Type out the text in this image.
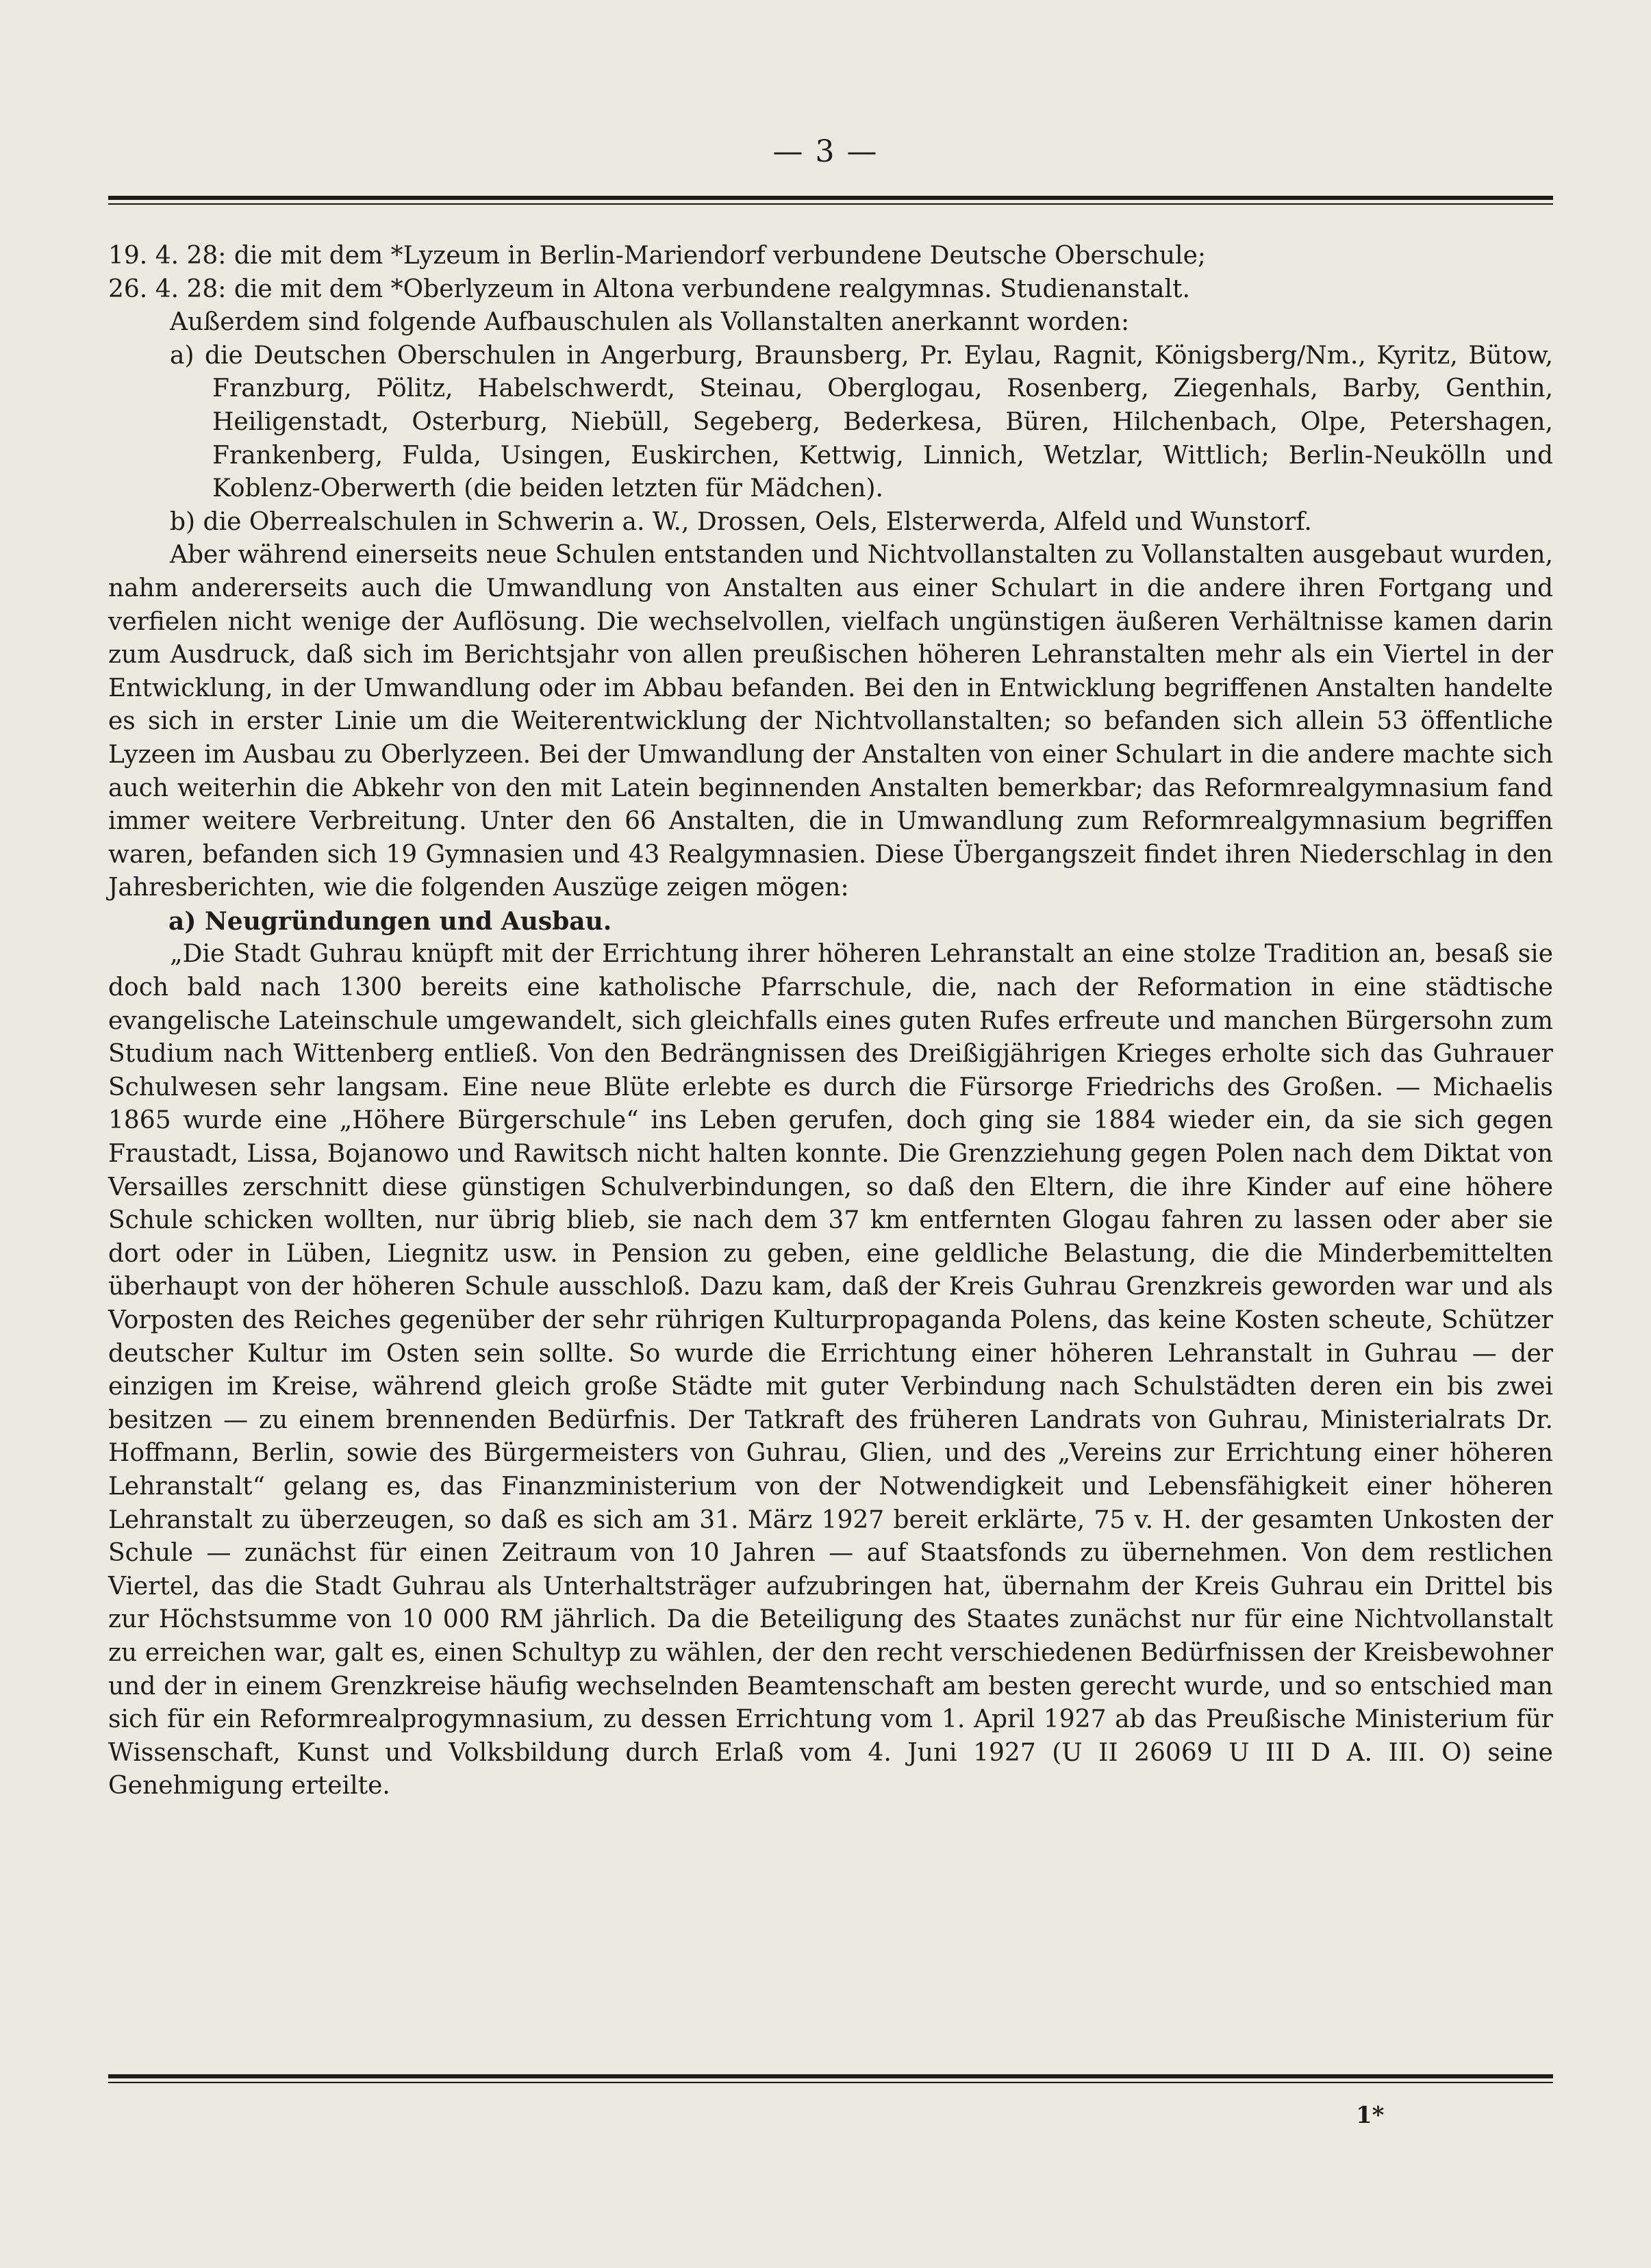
— 3 —

19. 4. 28: die mit dem *Lyzeum in Berlin-Mariendorf verbundene Deutsche Oberschule;

26. 4. 28: die mit dem *Oberlyzeum in Altona verbundene realgymnas. Studienanstalt.

Außerdem sind folgende Aufbauschulen als Vollanstalten anerkannt worden:

a) die Deutschen Oberschulen in Angerburg, Braunsberg, Pr. Eylau, Ragnit, Königsberg/Nm., Kyritz, Bütow, Franzburg, Pölitz, Habelschwerdt, Steinau, Oberglogau, Rosenberg, Ziegenhals, Barby, Genthin, Heiligenstadt, Osterburg, Niebüll, Segeberg, Bederkesa, Büren, Hilchenbach, Olpe, Petershagen, Frankenberg, Fulda, Usingen, Euskirchen, Kettwig, Linnich, Wetzlar, Wittlich; Berlin-Neukölln und Koblenz-Oberwerth (die beiden letzten für Mädchen).

b) die Oberrealschulen in Schwerin a. W., Drossen, Oels, Elsterwerda, Alfeld und Wunstorf.

Aber während einerseits neue Schulen entstanden und Nichtvollanstalten zu Vollanstalten ausgebaut wurden, nahm andererseits auch die Umwandlung von Anstalten aus einer Schulart in die andere ihren Fortgang und verfielen nicht wenige der Auflösung. Die wechselvollen, vielfach ungünstigen äußeren Verhältnisse kamen darin zum Ausdruck, daß sich im Berichtsjahr von allen preußischen höheren Lehranstalten mehr als ein Viertel in der Entwicklung, in der Umwandlung oder im Abbau befanden. Bei den in Entwicklung begriffenen Anstalten handelte es sich in erster Linie um die Weiterentwicklung der Nichtvollanstalten; so befanden sich allein 53 öffentliche Lyzeen im Ausbau zu Oberlyzeen. Bei der Umwandlung der Anstalten von einer Schulart in die andere machte sich auch weiterhin die Abkehr von den mit Latein beginnenden Anstalten bemerkbar; das Reformrealgymnasium fand immer weitere Verbreitung. Unter den 66 Anstalten, die in Umwandlung zum Reformrealgymnasium begriffen waren, befanden sich 19 Gymnasien und 43 Realgymnasien. Diese Übergangszeit findet ihren Niederschlag in den Jahresberichten, wie die folgenden Auszüge zeigen mögen:

a) Neugründungen und Ausbau.

„Die Stadt Guhrau knüpft mit der Errichtung ihrer höheren Lehranstalt an eine stolze Tradition an, besaß sie doch bald nach 1300 bereits eine katholische Pfarrschule, die, nach der Reformation in eine städtische evangelische Lateinschule umgewandelt, sich gleichfalls eines guten Rufes erfreute und manchen Bürgersohn zum Studium nach Wittenberg entließ. Von den Bedrängnissen des Dreißigjährigen Krieges erholte sich das Guhrauer Schulwesen sehr langsam. Eine neue Blüte erlebte es durch die Fürsorge Friedrichs des Großen. — Michaelis 1865 wurde eine „Höhere Bürgerschule“ ins Leben gerufen, doch ging sie 1884 wieder ein, da sie sich gegen Fraustadt, Lissa, Bojanowo und Rawitsch nicht halten konnte. Die Grenzziehung gegen Polen nach dem Diktat von Versailles zerschnitt diese günstigen Schulverbindungen, so daß den Eltern, die ihre Kinder auf eine höhere Schule schicken wollten, nur übrig blieb, sie nach dem 37 km entfernten Glogau fahren zu lassen oder aber sie dort oder in Lüben, Liegnitz usw. in Pension zu geben, eine geldliche Belastung, die die Minderbemittelten überhaupt von der höheren Schule ausschloß. Dazu kam, daß der Kreis Guhrau Grenzkreis geworden war und als Vorposten des Reiches gegenüber der sehr rührigen Kulturpropaganda Polens, das keine Kosten scheute, Schützer deutscher Kultur im Osten sein sollte. So wurde die Errichtung einer höheren Lehranstalt in Guhrau — der einzigen im Kreise, während gleich große Städte mit guter Verbindung nach Schulstädten deren ein bis zwei besitzen — zu einem brennenden Bedürfnis. Der Tatkraft des früheren Landrats von Guhrau, Ministerialrats Dr. Hoffmann, Berlin, sowie des Bürgermeisters von Guhrau, Glien, und des „Vereins zur Errichtung einer höheren Lehranstalt“ gelang es, das Finanzministerium von der Notwendigkeit und Lebensfähigkeit einer höheren Lehranstalt zu überzeugen, so daß es sich am 31. März 1927 bereit erklärte, 75 v. H. der gesamten Unkosten der Schule — zunächst für einen Zeitraum von 10 Jahren — auf Staatsfonds zu übernehmen. Von dem restlichen Viertel, das die Stadt Guhrau als Unterhaltsträger aufzubringen hat, übernahm der Kreis Guhrau ein Drittel bis zur Höchstsumme von 10 000 RM jährlich. Da die Beteiligung des Staates zunächst nur für eine Nichtvollanstalt zu erreichen war, galt es, einen Schultyp zu wählen, der den recht verschiedenen Bedürfnissen der Kreisbewohner und der in einem Grenzkreise häufig wechselnden Beamtenschaft am besten gerecht wurde, und so entschied man sich für ein Reformrealprogymnasium, zu dessen Errichtung vom 1. April 1927 ab das Preußische Ministerium für Wissenschaft, Kunst und Volksbildung durch Erlaß vom 4. Juni 1927 (U II 26069 U III D A. III. O) seine Genehmigung erteilte.

1*
